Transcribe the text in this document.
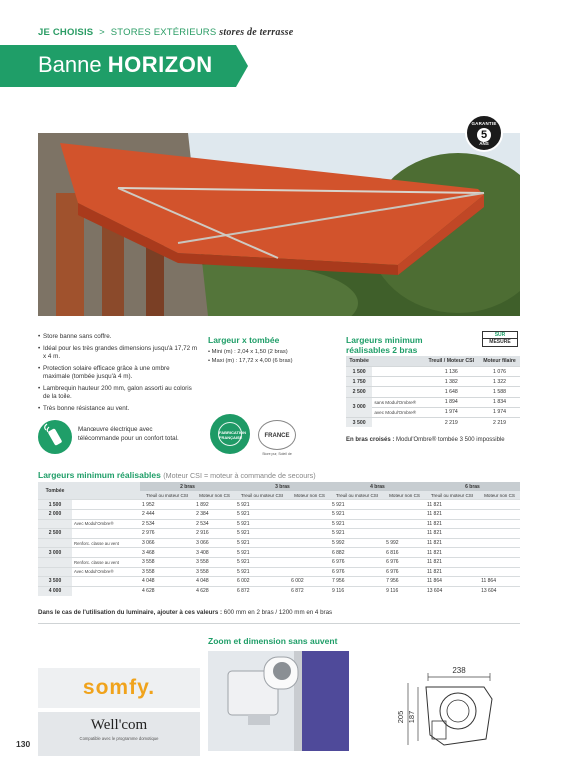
JE CHOISIS > STORES EXTÉRIEURS stores de terrasse
Banne HORIZON
GARANTIE
5
ANS
• Store banne sans coffre.
• Idéal pour les très grandes dimensions jusqu'à 17,72 m x 4 m.
• Protection solaire efficace grâce à une ombre maximale (tombée jusqu'à 4 m).
• Lambrequin hauteur 200 mm, galon assorti au coloris de la toile.
• Très bonne résistance au vent.
Manœuvre électrique avec télécommande pour un confort total.
Largeur x tombée
• Mini (m) : 2,04 x 1,50 (2 bras)
• Maxi (m) : 17,72 x 4,00 (6 bras)
FABRICATION FRANÇAISE	FRANCE
Store pur, Soleil de
SUR
MESURE
Largeurs minimum
réalisables 2 bras
Tombée		Treuil / Moteur CSI	Moteur filaire
1 500		1 136	1 076
1 750		1 382	1 322
2 500		1 648	1 588
3 000	sans Modul'Ombre®	1 894	1 834
	avec Modul'Ombre®	1 974	1 974
3 500		2 219	2 219
En bras croisés : Modul'Ombre® tombée 3 500 impossible
Largeurs minimum réalisables (Moteur CSI = moteur à commande de secours)
Tombée		2 bras		3 bras		4 bras		6 bras	
		Treuil ou moteur CSI	Moteur non CS	Treuil ou moteur CSI	Moteur non CS	Treuil ou moteur CSI	Moteur non CS	Treuil ou moteur CSI	Moteur non CS
1 500		1 952	1 892	5 921		5 921		11 821	
2 000		2 444	2 384	5 921		5 921		11 821	
	Avec Modul'Ombre®	2 534	2 534	5 921		5 921		11 821	
2 500		2 976	2 916	5 921		5 921		11 821	
	Renforc. classe au vent	3 066	3 066	5 921		5 992	5 992	11 821	
3 000		3 468	3 408	5 921		6 882	6 816	11 821	
	Renforc. classe au vent	3 558	3 558	5 921		6 976	6 976	11 821	
	Avec Modul'Ombre®	3 558	3 558	5 921		6 976	6 976	11 821	
3 500		4 048	4 048	6 002	6 002	7 956	7 956	11 864	11 864
4 000		4 628	4 628	6 872	6 872	9 116	9 116	13 604	13 604
Dans le cas de l'utilisation du luminaire, ajouter à ces valeurs : 600 mm en 2 bras / 1200 mm en 4 bras
Zoom et dimension sans auvent
238
205 187
somfy.
Well'com
Compatible avec le programme domotique
130
